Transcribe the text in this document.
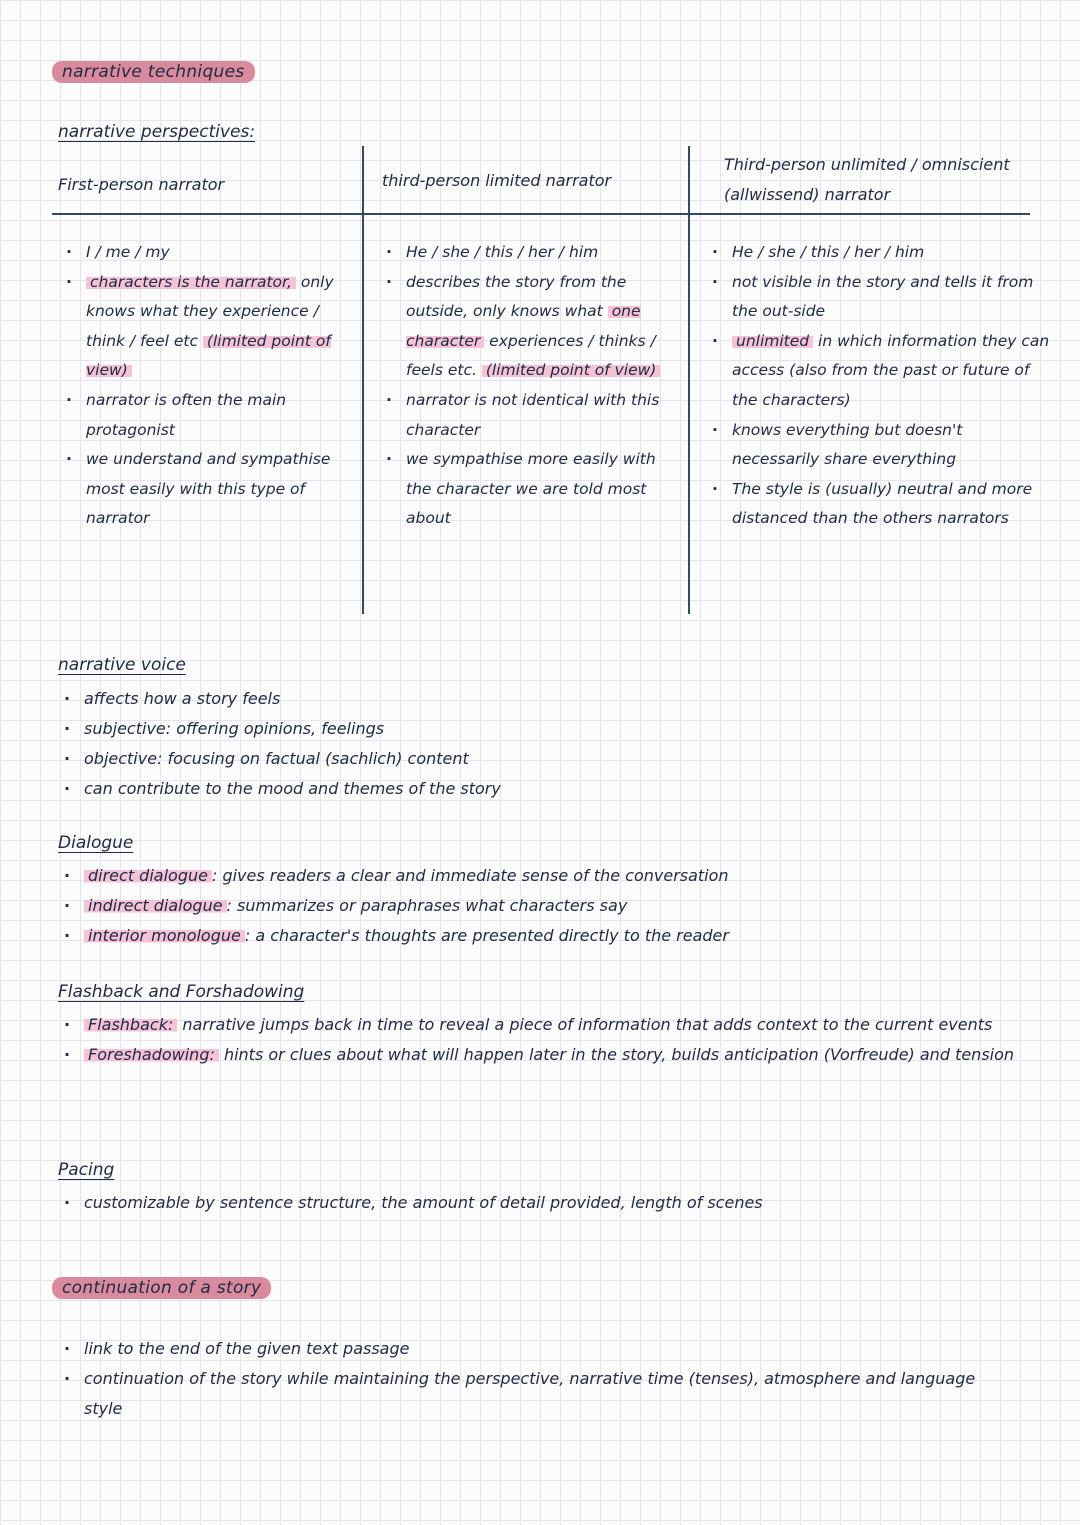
narrative techniques
narrative perspectives:
First-person narrator	third-person limited narrator
Third-person unlimited / omniscient (allwissend) narrator
· I / me / my
· characters is the narrator, only knows what they experience / think / feel etc (limited point of view)
· narrator is often the main protagonist
· we understand and sympathise most easily with this type of narrator
· He / she / this / her / him
· describes the story from the outside, only knows what one character experiences / thinks / feels etc. (limited point of view)
· narrator is not identical with this character
· we sympathise more easily with the character we are told most about
· He / she / this / her / him
· not visible in the story and tells it from the out-side
· unlimited in which information they can access (also from the past or future of the characters)
· knows everything but doesn't necessarily share everything
· The style is (usually) neutral and more distanced than the others narrators
narrative voice
· affects how a story feels
· subjective: offering opinions, feelings
· objective: focusing on factual (sachlich) content
· can contribute to the mood and themes of the story
Dialogue
· direct dialogue : gives readers a clear and immediate sense of the conversation
· indirect dialogue : summarizes or paraphrases what characters say
· interior monologue : a character's thoughts are presented directly to the reader
Flashback and Forshadowing
· Flashback: narrative jumps back in time to reveal a piece of information that adds context to the current events
· Foreshadowing: hints or clues about what will happen later in the story, builds anticipation (Vorfreude) and tension
Pacing
· customizable by sentence structure, the amount of detail provided, length of scenes
continuation of a story
· link to the end of the given text passage
· continuation of the story while maintaining the perspective, narrative time (tenses), atmosphere and language style
